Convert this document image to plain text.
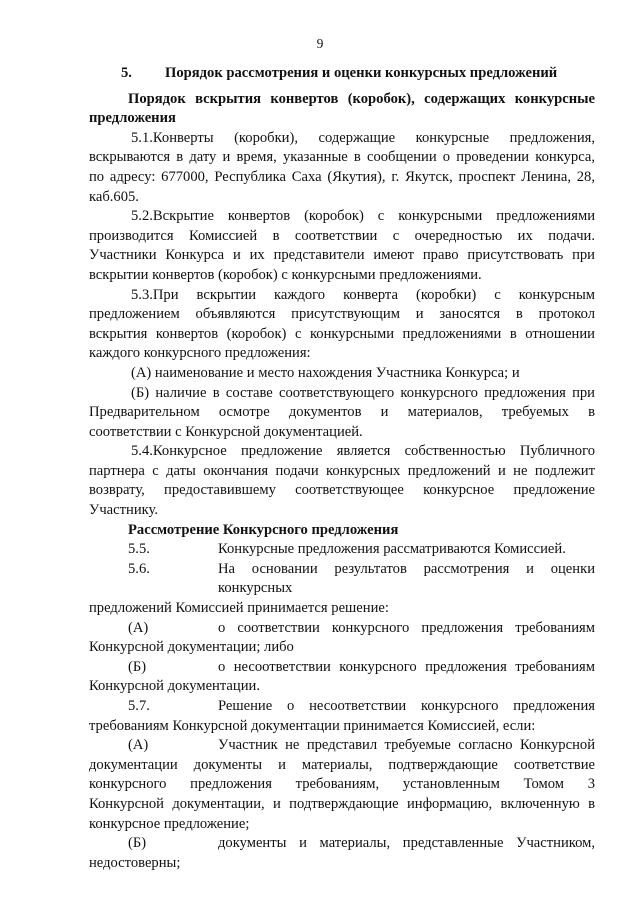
9
5.	Порядок рассмотрения и оценки конкурсных предложений
Порядок вскрытия конвертов (коробок), содержащих конкурсные
предложения
5.1.Конверты (коробки), содержащие конкурсные предложения,
вскрываются в дату и время, указанные в сообщении о проведении конкурса,
по адресу: 677000, Республика Саха (Якутия), г. Якутск, проспект Ленина, 28,
каб.605.
5.2.Вскрытие конвертов (коробок) с конкурсными предложениями
производится Комиссией в соответствии с очередностью их подачи.
Участники Конкурса и их представители имеют право присутствовать при
вскрытии конвертов (коробок) с конкурсными предложениями.
5.3.При вскрытии каждого конверта (коробки) с конкурсным
предложением объявляются присутствующим и заносятся в протокол
вскрытия конвертов (коробок) с конкурсными предложениями в отношении
каждого конкурсного предложения:
(А) наименование и место нахождения Участника Конкурса; и
(Б) наличие в составе соответствующего конкурсного предложения при
Предварительном осмотре документов и материалов, требуемых в
соответствии с Конкурсной документацией.
5.4.Конкурсное предложение является собственностью Публичного
партнера с даты окончания подачи конкурсных предложений и не подлежит
возврату, предоставившему соответствующее конкурсное предложение
Участнику.
Рассмотрение Конкурсного предложения
5.5.	Конкурсные предложения рассматриваются Комиссией.
5.6.	На основании результатов рассмотрения и оценки конкурсных
предложений Комиссией принимается решение:
(А)	о соответствии конкурсного предложения требованиям
Конкурсной документации; либо
(Б)	о несоответствии конкурсного предложения требованиям
Конкурсной документации.
5.7.	Решение о несоответствии конкурсного предложения
требованиям Конкурсной документации принимается Комиссией, если:
(А)	Участник не представил требуемые согласно Конкурсной
документации документы и материалы, подтверждающие соответствие
конкурсного предложения требованиям, установленным Томом 3
Конкурсной документации, и подтверждающие информацию, включенную в
конкурсное предложение;
(Б)	документы и материалы, представленные Участником,
недостоверны;
